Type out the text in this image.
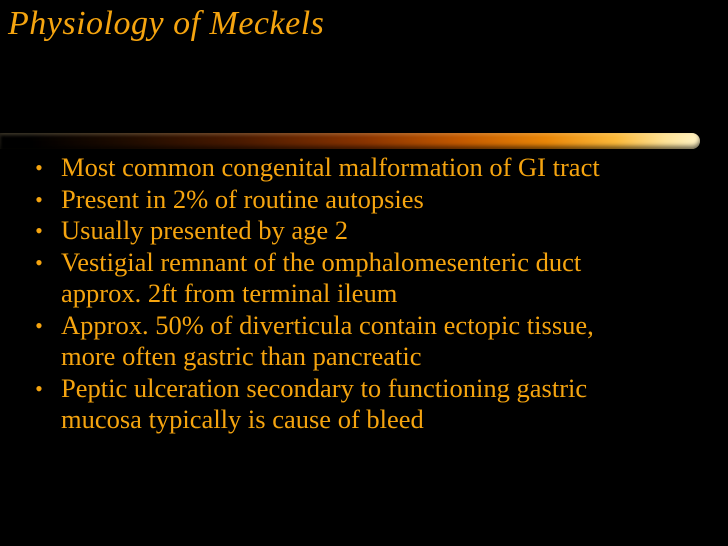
Physiology of Meckels
• Most common congenital malformation of GI tract
• Present in 2% of routine autopsies
• Usually presented by age 2
• Vestigial remnant of the omphalomesenteric duct
approx. 2ft from terminal ileum
• Approx. 50% of diverticula contain ectopic tissue,
more often gastric than pancreatic
• Peptic ulceration secondary to functioning gastric
mucosa typically is cause of bleed
